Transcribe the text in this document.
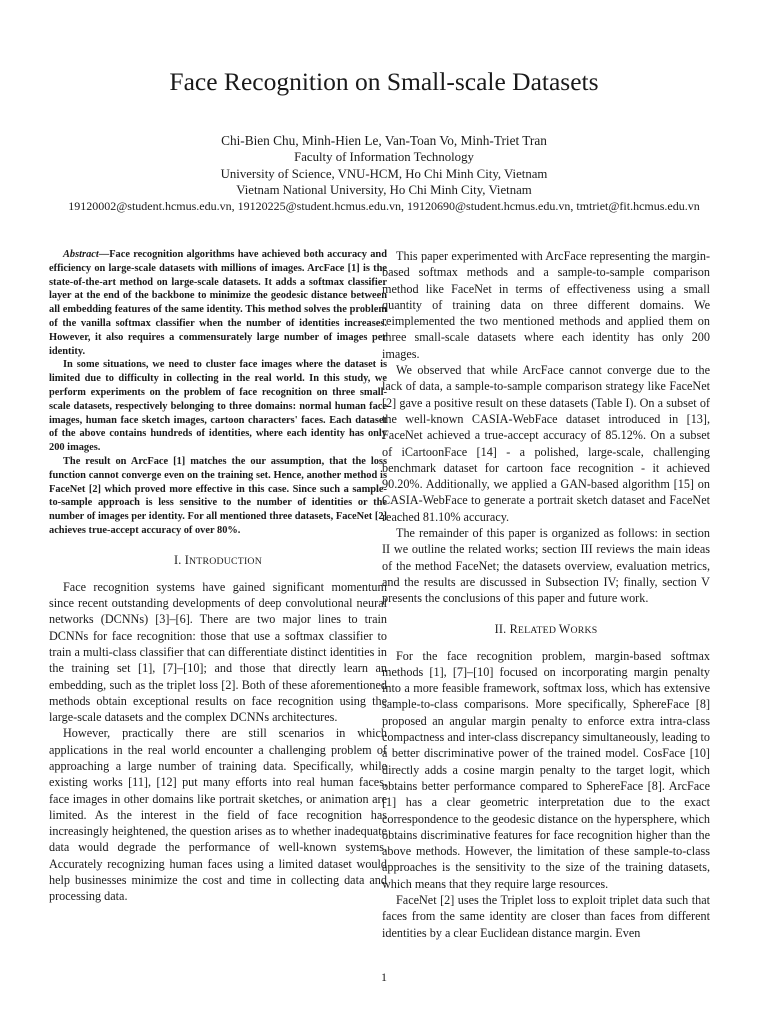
Face Recognition on Small-scale Datasets
Chi-Bien Chu, Minh-Hien Le, Van-Toan Vo, Minh-Triet Tran
Faculty of Information Technology
University of Science, VNU-HCM, Ho Chi Minh City, Vietnam
Vietnam National University, Ho Chi Minh City, Vietnam
19120002@student.hcmus.edu.vn, 19120225@student.hcmus.edu.vn, 19120690@student.hcmus.edu.vn, tmtriet@fit.hcmus.edu.vn

Abstract—Face recognition algorithms have achieved both accuracy and efficiency on large-scale datasets with millions of images. ArcFace [1] is the state-of-the-art method on large-scale datasets. It adds a softmax classifier layer at the end of the backbone to minimize the geodesic distance between all embedding features of the same identity. This method solves the problem of the vanilla softmax classifier when the number of identities increases. However, it also requires a commensurately large number of images per identity.

In some situations, we need to cluster face images where the dataset is limited due to difficulty in collecting in the real world. In this study, we perform experiments on the problem of face recognition on three small-scale datasets, respectively belonging to three domains: normal human face images, human face sketch images, cartoon characters' faces. Each dataset of the above contains hundreds of identities, where each identity has only 200 images.

The result on ArcFace [1] matches the our assumption, that the loss function cannot converge even on the training set. Hence, another method is FaceNet [2] which proved more effective in this case. Since such a sample-to-sample approach is less sensitive to the number of identities or the number of images per identity. For all mentioned three datasets, FaceNet [2] achieves true-accept accuracy of over 80%.

I. INTRODUCTION

Face recognition systems have gained significant momentum since recent outstanding developments of deep convolutional neural networks (DCNNs) [3]–[6]. There are two major lines to train DCNNs for face recognition: those that use a softmax classifier to train a multi-class classifier that can differentiate distinct identities in the training set [1], [7]–[10]; and those that directly learn an embedding, such as the triplet loss [2]. Both of these aforementioned methods obtain exceptional results on face recognition using the large-scale datasets and the complex DCNNs architectures.

However, practically there are still scenarios in which applications in the real world encounter a challenging problem of approaching a large number of training data. Specifically, while existing works [11], [12] put many efforts into real human faces, face images in other domains like portrait sketches, or animation are limited. As the interest in the field of face recognition has increasingly heightened, the question arises as to whether inadequate data would degrade the performance of well-known systems. Accurately recognizing human faces using a limited dataset would help businesses minimize the cost and time in collecting data and processing data.

This paper experimented with ArcFace representing the margin-based softmax methods and a sample-to-sample comparison method like FaceNet in terms of effectiveness using a small quantity of training data on three different domains. We reimplemented the two mentioned methods and applied them on three small-scale datasets where each identity has only 200 images.

We observed that while ArcFace cannot converge due to the lack of data, a sample-to-sample comparison strategy like FaceNet [2] gave a positive result on these datasets (Table I). On a subset of the well-known CASIA-WebFace dataset introduced in [13], FaceNet achieved a true-accept accuracy of 85.12%. On a subset of iCartoonFace [14] - a polished, large-scale, challenging benchmark dataset for cartoon face recognition - it achieved 90.20%. Additionally, we applied a GAN-based algorithm [15] on CASIA-WebFace to generate a portrait sketch dataset and FaceNet reached 81.10% accuracy.

The remainder of this paper is organized as follows: in section II we outline the related works; section III reviews the main ideas of the method FaceNet; the datasets overview, evaluation metrics, and the results are discussed in Subsection IV; finally, section V presents the conclusions of this paper and future work.

II. RELATED WORKS

For the face recognition problem, margin-based softmax methods [1], [7]–[10] focused on incorporating margin penalty into a more feasible framework, softmax loss, which has extensive sample-to-class comparisons. More specifically, SphereFace [8] proposed an angular margin penalty to enforce extra intra-class compactness and inter-class discrepancy simultaneously, leading to a better discriminative power of the trained model. CosFace [10] directly adds a cosine margin penalty to the target logit, which obtains better performance compared to SphereFace [8]. ArcFace [1] has a clear geometric interpretation due to the exact correspondence to the geodesic distance on the hypersphere, which obtains discriminative features for face recognition higher than the above methods. However, the limitation of these sample-to-class approaches is the sensitivity to the size of the training datasets, which means that they require large resources.

FaceNet [2] uses the Triplet loss to exploit triplet data such that faces from the same identity are closer than faces from different identities by a clear Euclidean distance margin. Even

1
